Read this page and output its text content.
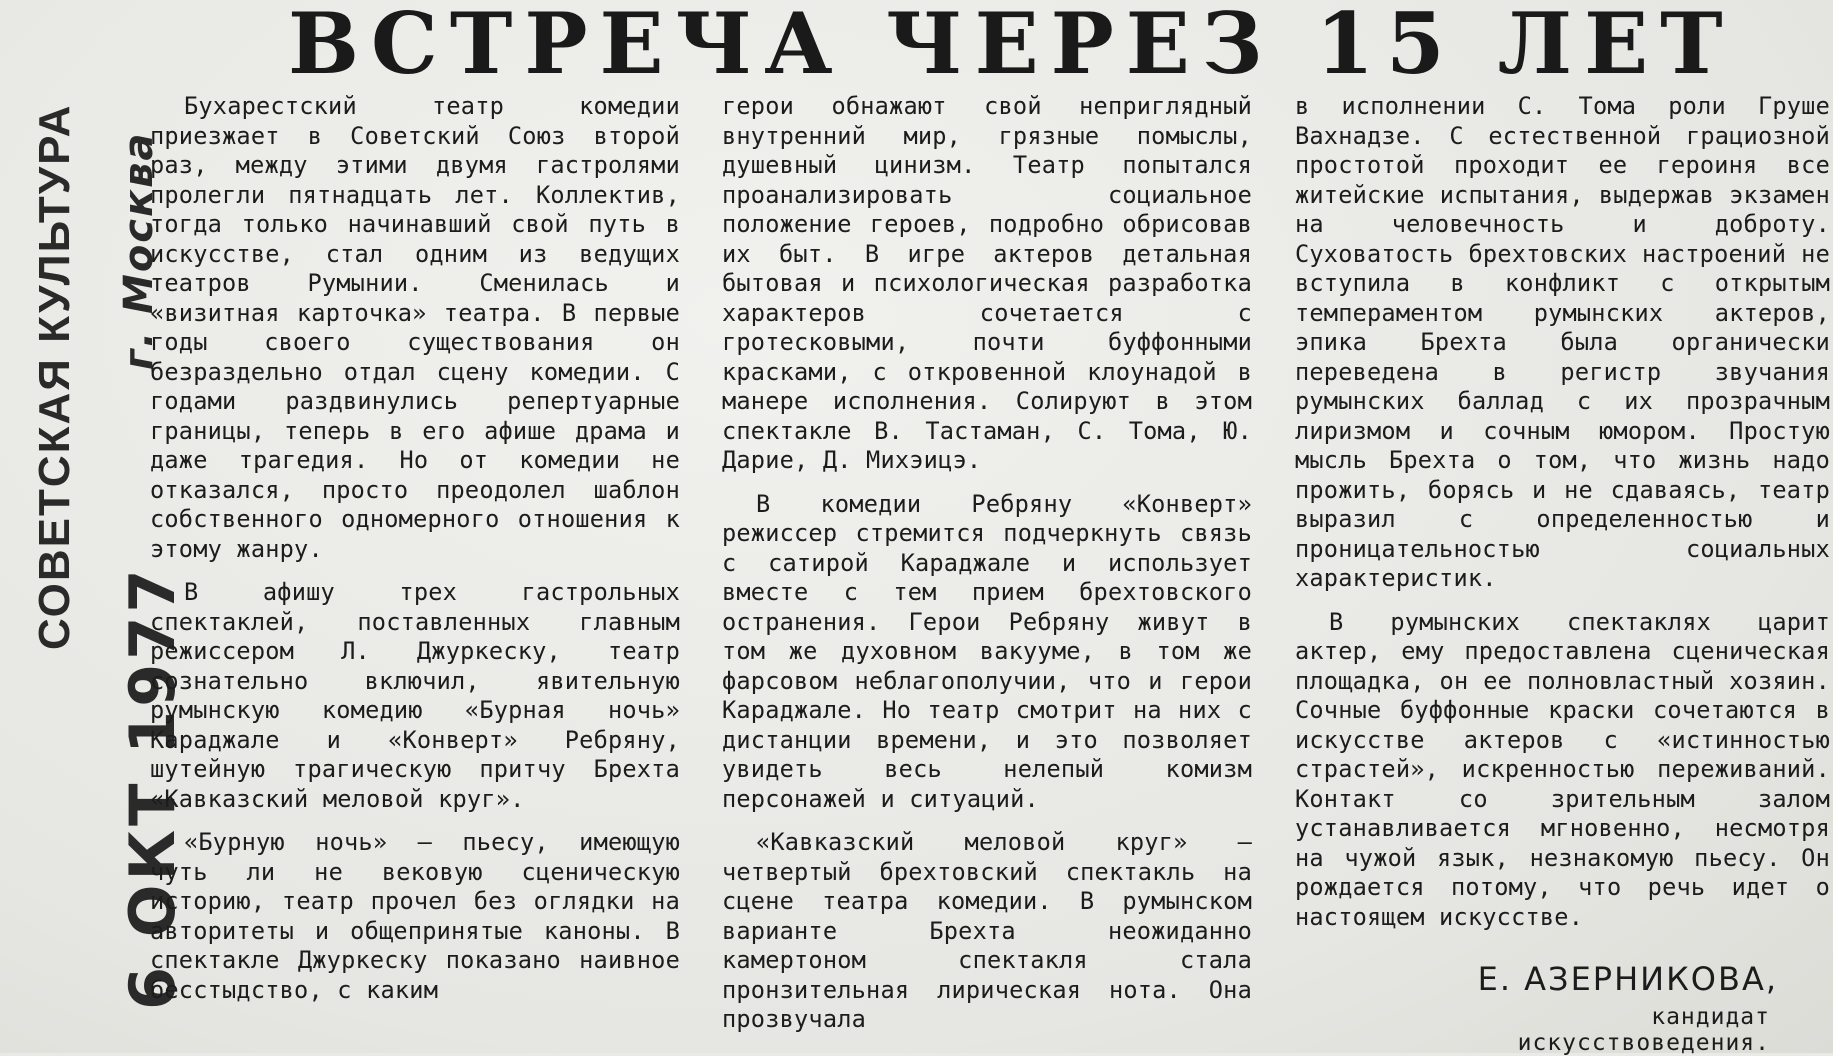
СОВЕТСКАЯ КУЛЬТУРА г. Москва
6 ОКТ 1977
ВСТРЕЧА ЧЕРЕЗ 15 ЛЕТ

Бухарестский театр комедии приезжает в Советский Союз второй раз, между этими двумя гастролями пролегли пятнадцать лет. Коллектив, тогда только начинавший свой путь в искусстве, стал одним из ведущих театров Румынии. Сменилась и «визитная карточка» театра. В первые годы своего существования он безраздельно отдал сцену комедии. С годами раздвинулись репертуарные границы, теперь в его афише драма и даже трагедия. Но от комедии не отказался, просто преодолел шаблон собственного одномерного отношения к этому жанру.

В афишу трех гастрольных спектаклей, поставленных главным режиссером Л. Джуркеску, театр сознательно включил, явительную румынскую комедию «Бурная ночь» Караджале и «Конверт» Ребряну, шутейную трагическую притчу Брехта «Кавказский меловой круг».

«Бурную ночь» — пьесу, имеющую чуть ли не вековую сценическую историю, театр прочел без оглядки на авторитеты и общепринятые каноны. В спектакле Джуркеску показано наивное бесстыдство, с каким

герои обнажают свой неприглядный внутренний мир, грязные помыслы, душевный цинизм. Театр попытался проанализировать социальное положение героев, подробно обрисовав их быт. В игре актеров детальная бытовая и психологическая разработка характеров сочетается с гротесковыми, почти буффонными красками, с откровенной клоунадой в манере исполнения. Солируют в этом спектакле В. Тастаман, С. Тома, Ю. Дарие, Д. Михэицэ.

В комедии Ребряну «Конверт» режиссер стремится подчеркнуть связь с сатирой Караджале и использует вместе с тем прием брехтовского остранения. Герои Ребряну живут в том же духовном вакууме, в том же фарсовом неблагополучии, что и герои Караджале. Но театр смотрит на них с дистанции времени, и это позволяет увидеть весь нелепый комизм персонажей и ситуаций.

«Кавказский меловой круг» — четвертый брехтовский спектакль на сцене театра комедии. В румынском варианте Брехта неожиданно камертоном спектакля стала пронзительная лирическая нота. Она прозвучала

в исполнении С. Тома роли Груше Вахнадзе. С естественной грациозной простотой проходит ее героиня все житейские испытания, выдержав экзамен на человечность и доброту. Суховатость брехтовских настроений не вступила в конфликт с открытым темпераментом румынских актеров, эпика Брехта была органически переведена в регистр звучания румынских баллад с их прозрачным лиризмом и сочным юмором. Простую мысль Брехта о том, что жизнь надо прожить, борясь и не сдаваясь, театр выразил с определенностью и проницательностью социальных характеристик.

В румынских спектаклях царит актер, ему предоставлена сценическая площадка, он ее полновластный хозяин. Сочные буффонные краски сочетаются в искусстве актеров с «истинностью страстей», искренностью переживаний. Контакт со зрительным залом устанавливается мгновенно, несмотря на чужой язык, незнакомую пьесу. Он рождается потому, что речь идет о настоящем искусстве.

Е. АЗЕРНИКОВА,
кандидат искусствоведения.
